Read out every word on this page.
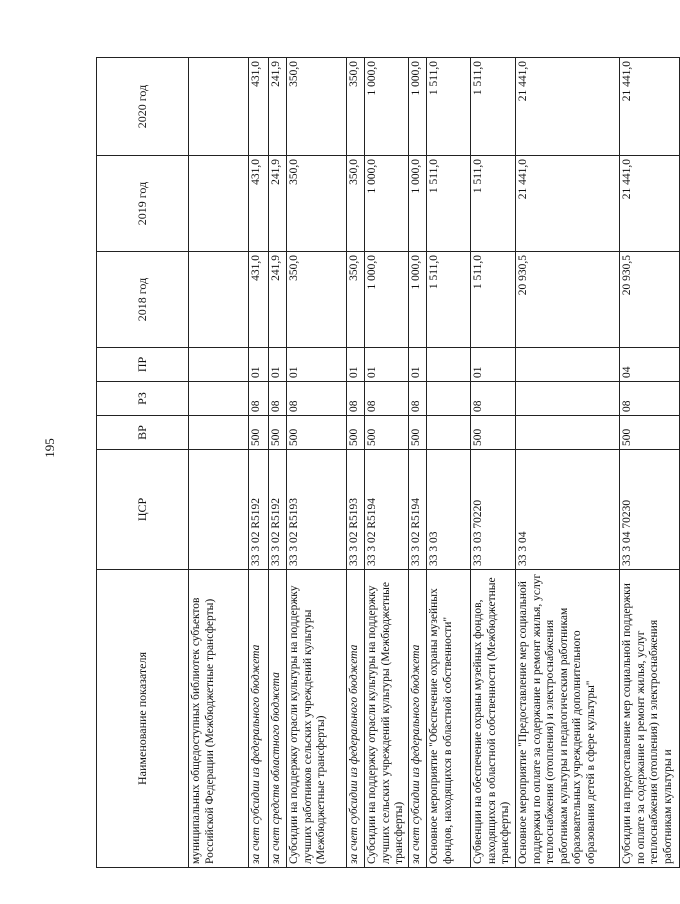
195
Наименование показателя	ЦСР	ВР	РЗ	ПР	2018 год	2019 год	2020 год
муниципальных общедоступных библиотек субъектов Российской Федерации (Межбюджетные трансферты)							
за счет субсидии из федерального бюджета	33 3 02 R5192	500	08	01	431,0	431,0	431,0
за счет средств областного бюджета	33 3 02 R5192	500	08	01	241,9	241,9	241,9
Субсидии на поддержку отрасли культуры на поддержку лучших работников сельских учреждений культуры (Межбюджетные трансферты)	33 3 02 R5193	500	08	01	350,0	350,0	350,0
за счет субсидии из федерального бюджета	33 3 02 R5193	500	08	01	350,0	350,0	350,0
Субсидии на поддержку отрасли культуры на поддержку лучших сельских учреждений культуры (Межбюджетные трансферты)	33 3 02 R5194	500	08	01	1 000,0	1 000,0	1 000,0
за счет субсидии из федерального бюджета	33 3 02 R5194	500	08	01	1 000,0	1 000,0	1 000,0
Основное мероприятие "Обеспечение охраны музейных фондов, находящихся в областной собственности"	33 3 03				1 511,0	1 511,0	1 511,0
Субвенции на обеспечение охраны музейных фондов, находящихся в областной собственности (Межбюджетные трансферты)	33 3 03 70220	500	08	01	1 511,0	1 511,0	1 511,0
Основное мероприятие "Предоставление мер социальной поддержки по оплате за содержание и ремонт жилья, услуг теплоснабжения (отопления) и электроснабжения работникам культуры и педагогическим работникам образовательных учреждений дополнительного образования детей в сфере культуры"	33 3 04				20 930,5	21 441,0	21 441,0
Субсидии на предоставление мер социальной поддержки по оплате за содержание и ремонт жилья, услуг теплоснабжения (отопления) и электроснабжения работникам культуры и	33 3 04 70230	500	08	04	20 930,5	21 441,0	21 441,0
